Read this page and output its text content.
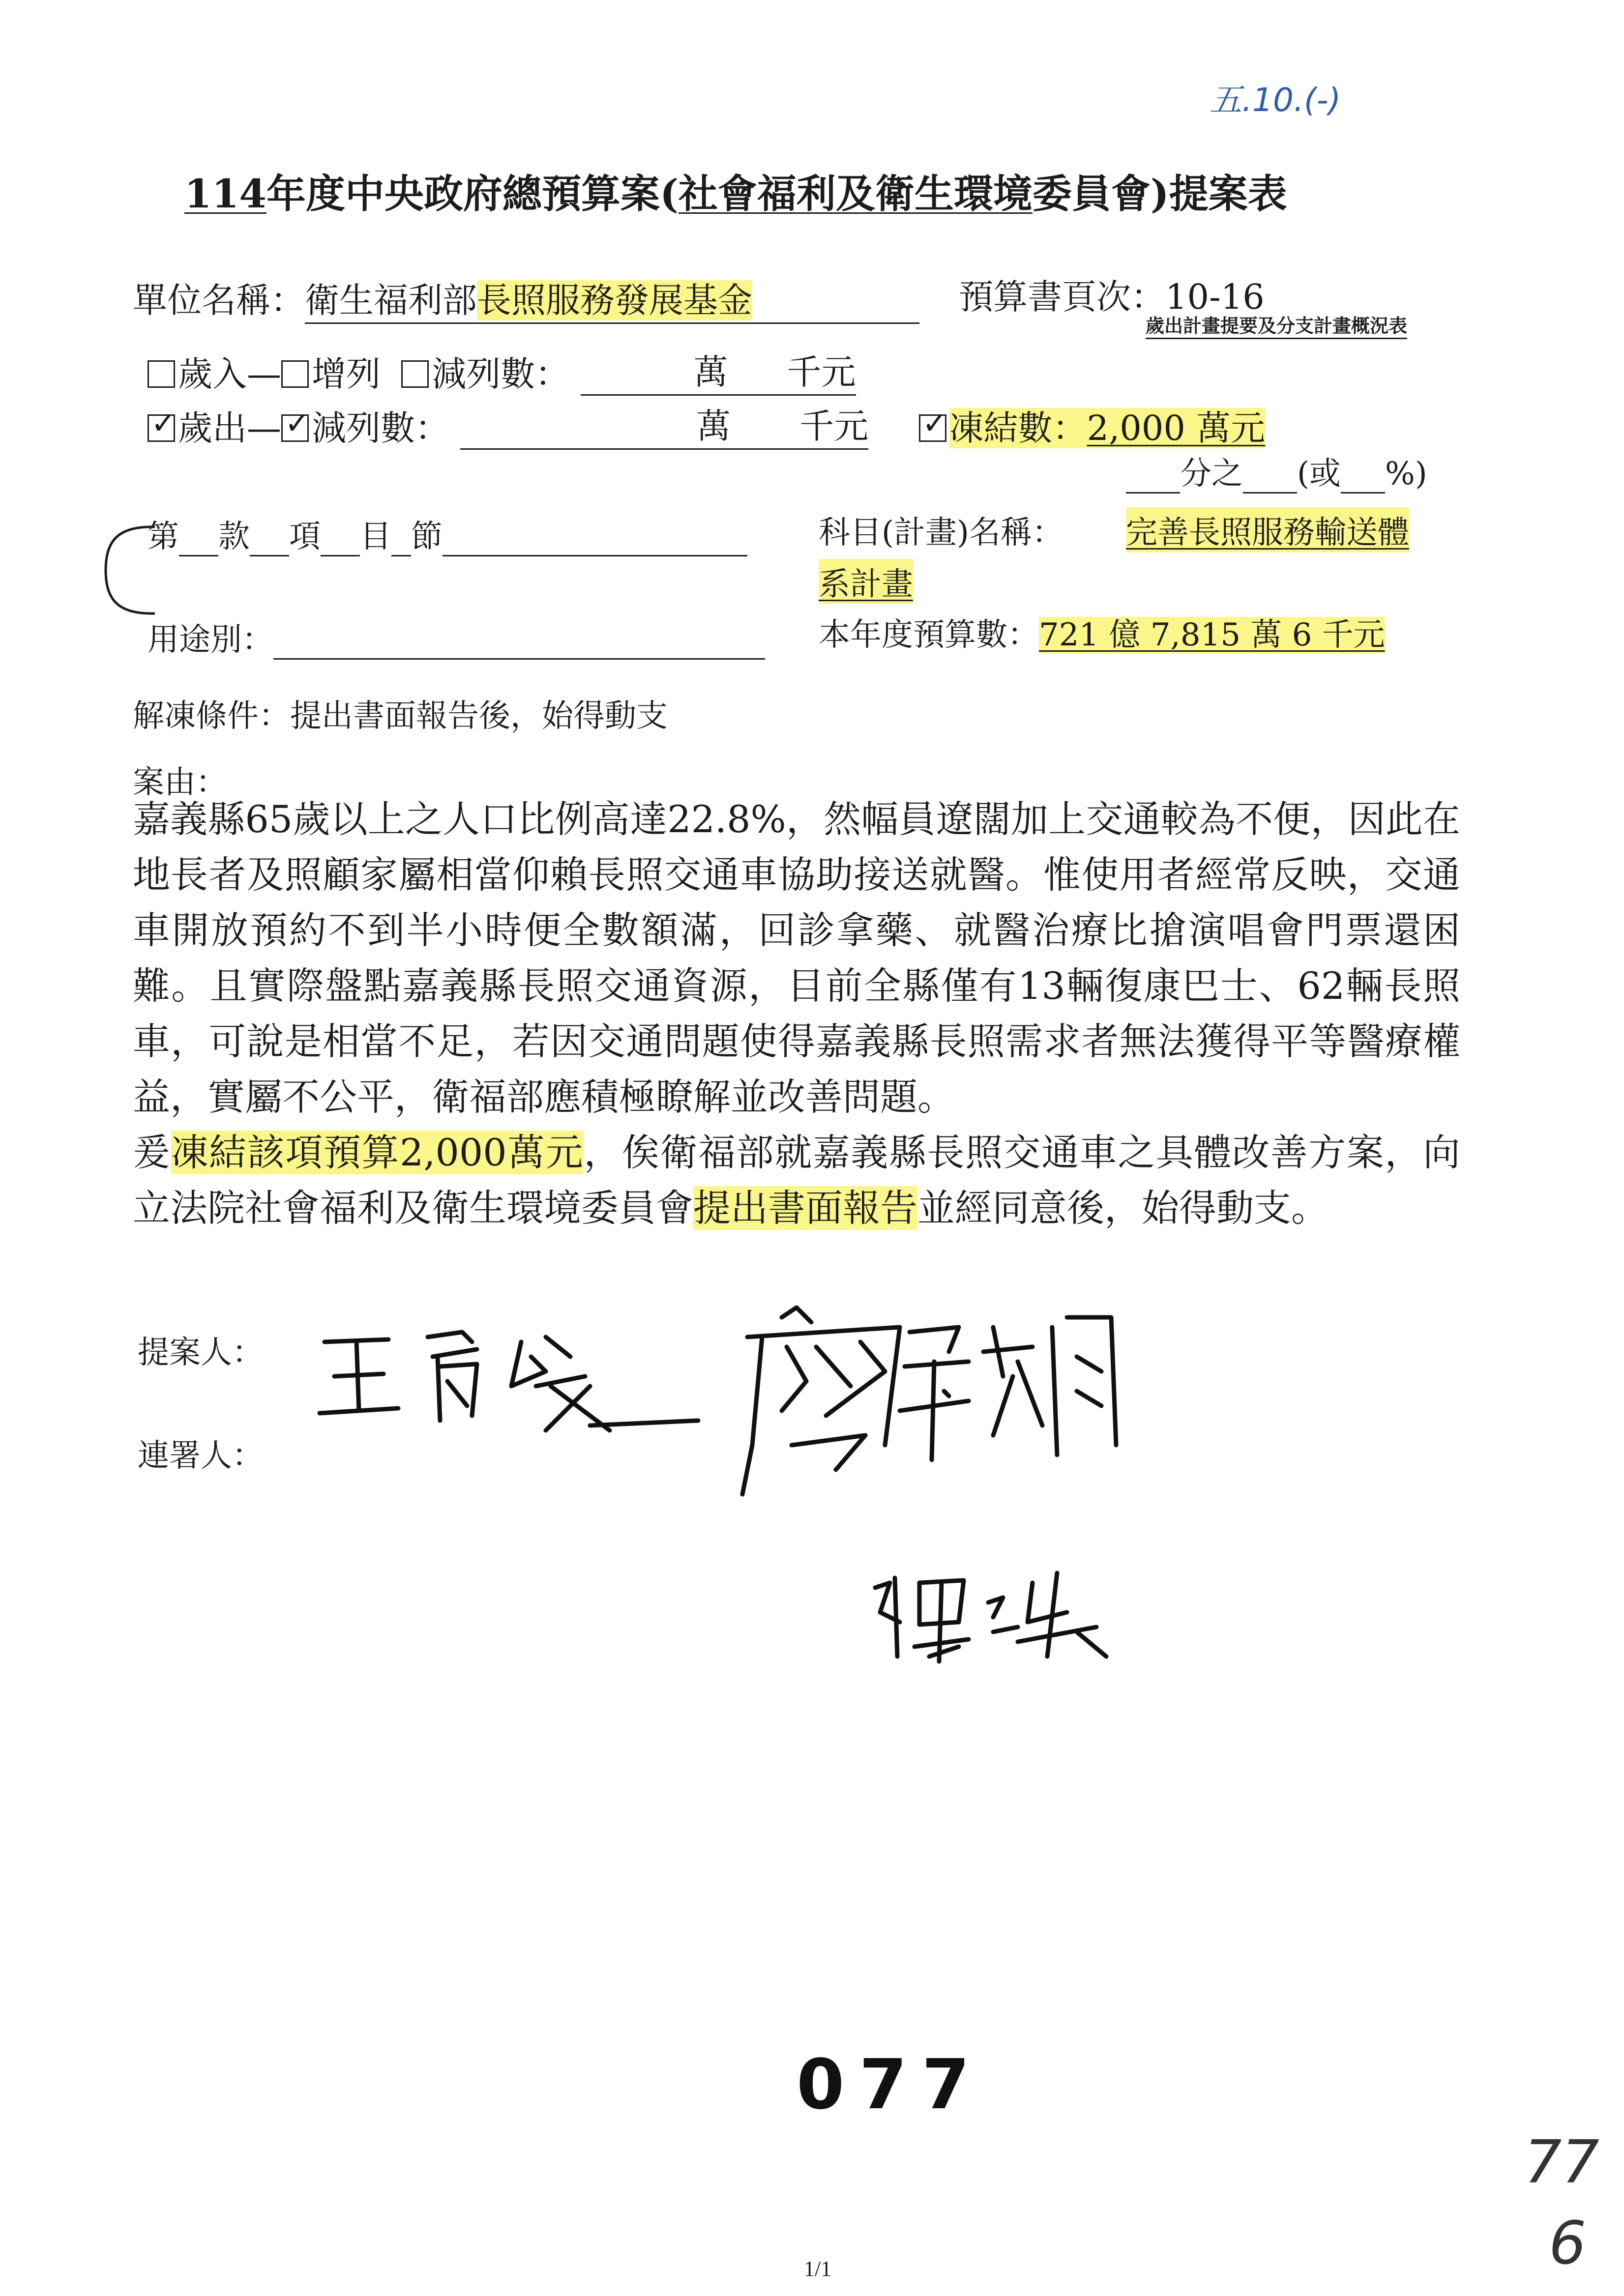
五.10.(-)
114年度中央政府總預算案(社會福利及衛生環境委員會)提案表
單位名稱：衛生福利部長照服務發展基金	預算書頁次：10-16
歲出計畫提要及分支計畫概況表
歲入— 增列 減列數：	萬 千元

✓歲出— ✓ 減列數：	萬 千元 ✓ 凍結數：2,000 萬元
分之 (或 %)
第 款 項 目 節	科目(計畫)名稱： 完善長照服務輸送體
系計畫
用途別：	本年度預算數：721 億 7,815 萬 6 千元
解凍條件：提出書面報告後，始得動支
案由：

嘉義縣65歲以上之人口比例高達22.8%，然幅員遼闊加上交通較為不便，因此在地長者及照顧家屬相當仰賴長照交通車協助接送就醫。惟使用者經常反映，交通車開放預約不到半小時便全數額滿，回診拿藥、就醫治療比搶演唱會門票還困難。且實際盤點嘉義縣長照交通資源，目前全縣僅有13輛復康巴士、62輛長照車，可說是相當不足，若因交通問題使得嘉義縣長照需求者無法獲得平等醫療權益，實屬不公平，衛福部應積極瞭解並改善問題。

爰凍結該項預算2,000萬元，俟衛福部就嘉義縣長照交通車之具體改善方案，向立法院社會福利及衛生環境委員會提出書面報告並經同意後，始得動支。

提案人：
連署人：
077
77
6
1/1
